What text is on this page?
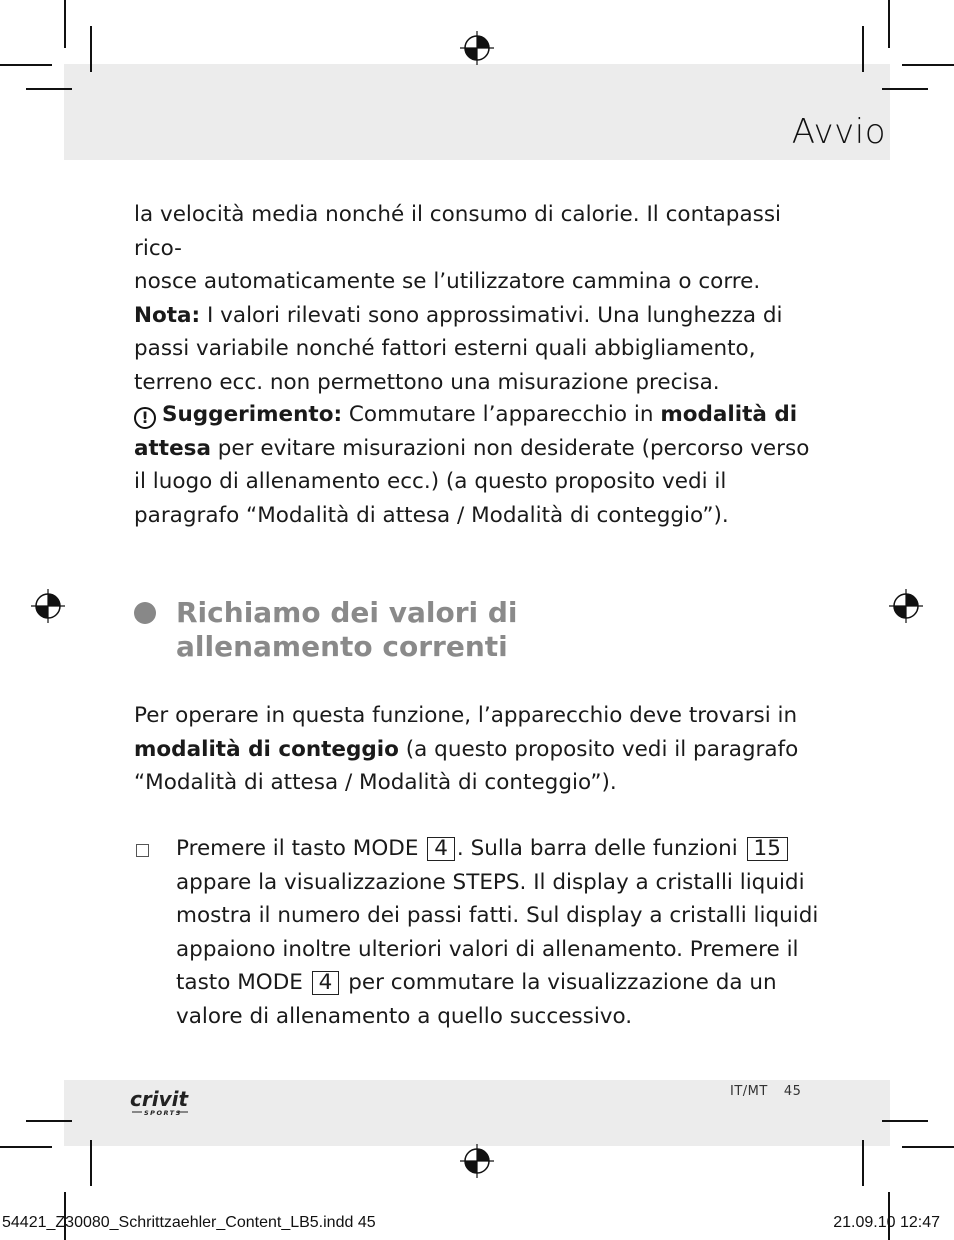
Avvio
la velocità media nonché il consumo di calorie. Il contapassi rico-
nosce automaticamente se l’utilizzatore cammina o corre.
Nota: I valori rilevati sono approssimativi. Una lunghezza di passi variabile nonché fattori esterni quali abbigliamento, terreno ecc. non permettono una misurazione precisa.
! Suggerimento: Commutare l’apparecchio in modalità di attesa per evitare misurazioni non desiderate (percorso verso il luogo di allenamento ecc.) (a questo proposito vedi il paragrafo “Modalità di attesa / Modalità di conteggio”).
Richiamo dei valori di
allenamento correnti
Per operare in questa funzione, l’apparecchio deve trovarsi in modalità di conteggio (a questo proposito vedi il paragrafo “Modalità di attesa / Modalità di conteggio”).
Premere il tasto MODE 4 . Sulla barra delle funzioni 15 appare la visualizzazione STEPS. Il display a cristalli liquidi mostra il numero dei passi fatti. Sul display a cristalli liquidi appaiono inoltre ulteriori valori di allenamento. Premere il tasto MODE 4 per commutare la visualizzazione da un valore di allenamento a quello successivo.
crivit
SPORTS
IT/MT 45
54421_Z30080_Schrittzaehler_Content_LB5.indd 45	21.09.10 12:47
